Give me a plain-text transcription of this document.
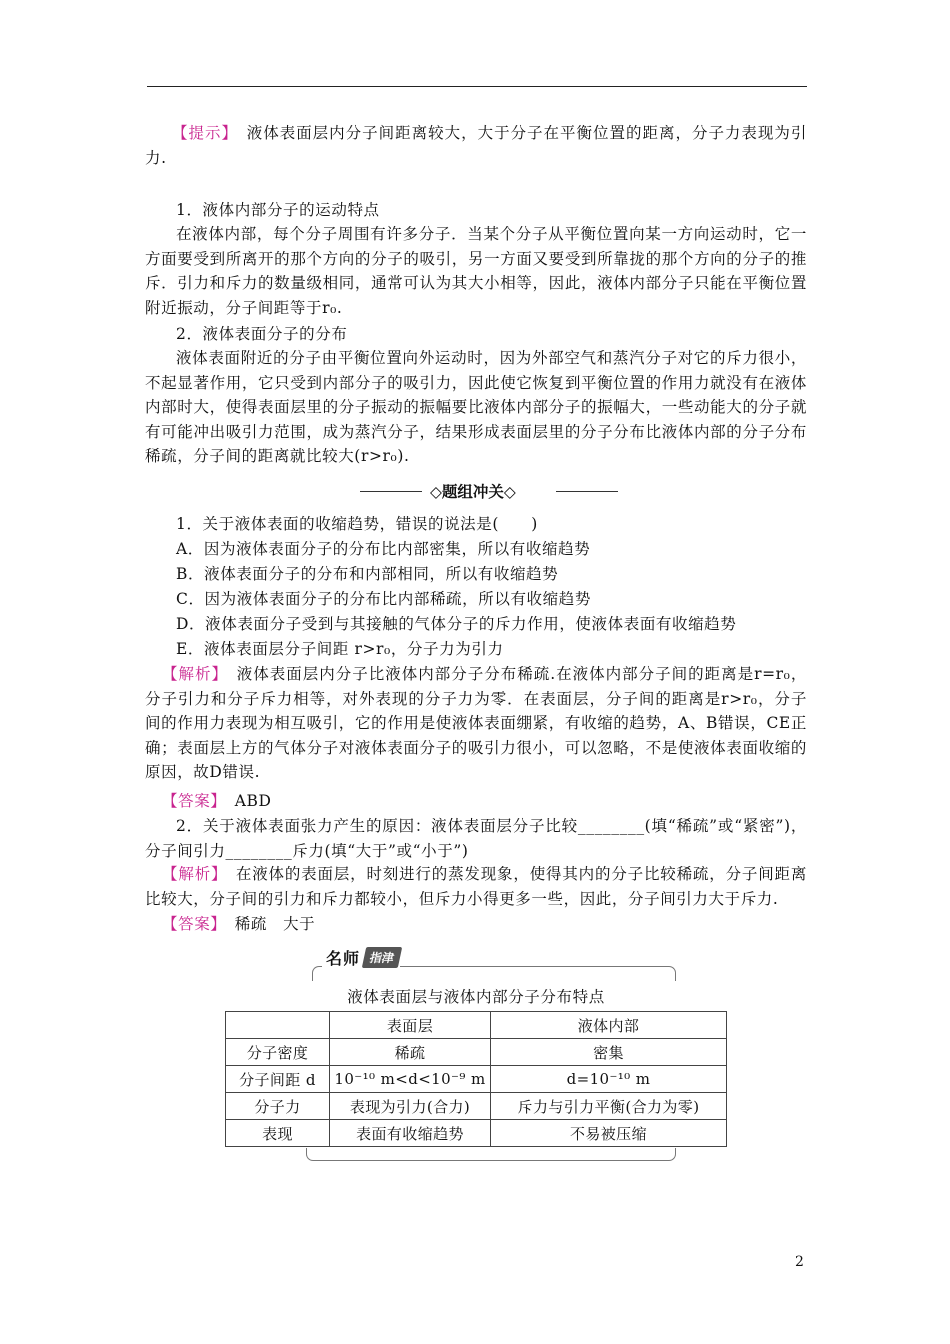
【提示】　 液体表面层内分子间距离较大，大于分子在平衡位置的距离，分子力表现为引力.
1．液体内部分子的运动特点
在液体内部，每个分子周围有许多分子．当某个分子从平衡位置向某一方向运动时，它一方面要受到所离开的那个方向的分子的吸引，另一方面又要受到所靠拢的那个方向的分子的推斥．引力和斥力的数量级相同，通常可认为其大小相等，因此，液体内部分子只能在平衡位置附近振动，分子间距等于r₀.
2．液体表面分子的分布
液体表面附近的分子由平衡位置向外运动时，因为外部空气和蒸汽分子对它的斥力很小，不起显著作用，它只受到内部分子的吸引力，因此使它恢复到平衡位置的作用力就没有在液体内部时大，使得表面层里的分子振动的振幅要比液体内部分子的振幅大，一些动能大的分子就有可能冲出吸引力范围，成为蒸汽分子，结果形成表面层里的分子分布比液体内部的分子分布稀疏，分子间的距离就比较大(r>r₀).
◇题组冲关◇
1．关于液体表面的收缩趋势，错误的说法是(　　)
A．因为液体表面分子的分布比内部密集，所以有收缩趋势
B．液体表面分子的分布和内部相同，所以有收缩趋势
C．因为液体表面分子的分布比内部稀疏，所以有收缩趋势
D．液体表面分子受到与其接触的气体分子的斥力作用，使液体表面有收缩趋势
E．液体表面层分子间距 r>r₀，分子力为引力
【解析】　 液体表面层内分子比液体内部分子分布稀疏.在液体内部分子间的距离是r=r₀，分子引力和分子斥力相等，对外表现的分子力为零．在表面层，分子间的距离是r>r₀，分子间的作用力表现为相互吸引，它的作用是使液体表面绷紧，有收缩的趋势，A、B错误，CE正确；表面层上方的气体分子对液体表面分子的吸引力很小，可以忽略，不是使液体表面收缩的原因，故D错误.
【答案】　 ABD
2．关于液体表面张力产生的原因：液体表面层分子比较________(填“稀疏”或“紧密”)，分子间引力________斥力(填“大于”或“小于”)
【解析】　 在液体的表面层，时刻进行的蒸发现象，使得其内的分子比较稀疏，分子间距离比较大，分子间的引力和斥力都较小，但斥力小得更多一些，因此，分子间引力大于斥力.
【答案】　 稀疏　大于
名师 指津
液体表面层与液体内部分子分布特点
	表面层	液体内部
分子密度	稀疏	密集
分子间距 d	10⁻¹⁰ m<d<10⁻⁹ m	d=10⁻¹⁰ m
分子力	表现为引力(合力)	斥力与引力平衡(合力为零)
表现	表面有收缩趋势	不易被压缩
2
